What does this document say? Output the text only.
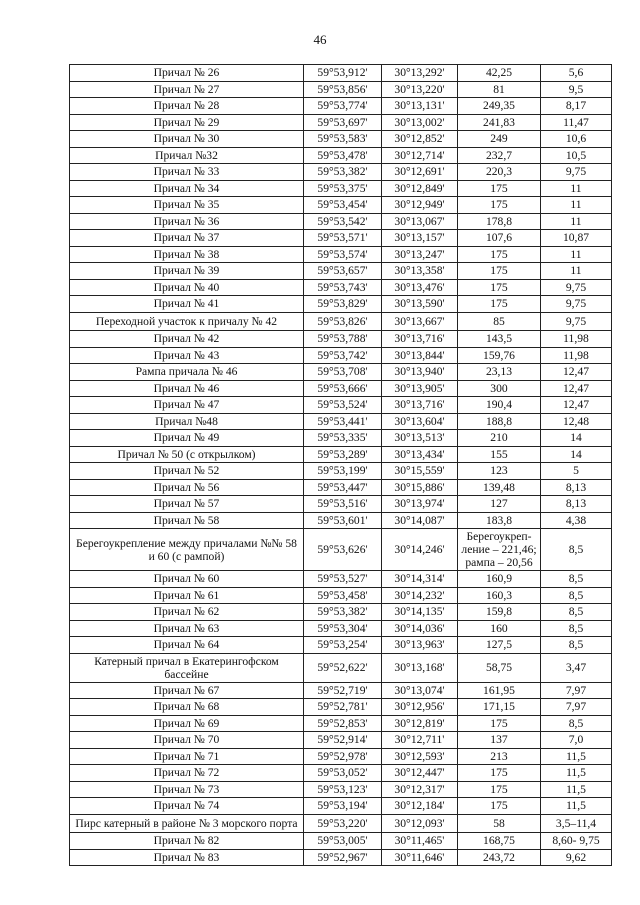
46
Причал № 26	59°53,912'	30°13,292'	42,25	5,6
Причал № 27	59°53,856'	30°13,220'	81	9,5
Причал № 28	59°53,774'	30°13,131'	249,35	8,17
Причал № 29	59°53,697'	30°13,002'	241,83	11,47
Причал № 30	59°53,583'	30°12,852'	249	10,6
Причал №32	59°53,478'	30°12,714'	232,7	10,5
Причал № 33	59°53,382'	30°12,691'	220,3	9,75
Причал № 34	59°53,375'	30°12,849'	175	11
Причал № 35	59°53,454'	30°12,949'	175	11
Причал № 36	59°53,542'	30°13,067'	178,8	11
Причал № 37	59°53,571'	30°13,157'	107,6	10,87
Причал № 38	59°53,574'	30°13,247'	175	11
Причал № 39	59°53,657'	30°13,358'	175	11
Причал № 40	59°53,743'	30°13,476'	175	9,75
Причал № 41	59°53,829'	30°13,590'	175	9,75
Переходной участок к причалу № 42	59°53,826'	30°13,667'	85	9,75
Причал № 42	59°53,788'	30°13,716'	143,5	11,98
Причал № 43	59°53,742'	30°13,844'	159,76	11,98
Рампа причала № 46	59°53,708'	30°13,940'	23,13	12,47
Причал № 46	59°53,666'	30°13,905'	300	12,47
Причал № 47	59°53,524'	30°13,716'	190,4	12,47
Причал №48	59°53,441'	30°13,604'	188,8	12,48
Причал № 49	59°53,335'	30°13,513'	210	14
Причал № 50 (с открылком)	59°53,289'	30°13,434'	155	14
Причал № 52	59°53,199'	30°15,559'	123	5
Причал № 56	59°53,447'	30°15,886'	139,48	8,13
Причал № 57	59°53,516'	30°13,974'	127	8,13
Причал № 58	59°53,601'	30°14,087'	183,8	4,38
Берегоукрепление между причалами №№ 58 и 60 (с рампой)	59°53,626'	30°14,246'	Берегоукреп-ление – 221,46; рампа – 20,56	8,5
Причал № 60	59°53,527'	30°14,314'	160,9	8,5
Причал № 61	59°53,458'	30°14,232'	160,3	8,5
Причал № 62	59°53,382'	30°14,135'	159,8	8,5
Причал № 63	59°53,304'	30°14,036'	160	8,5
Причал № 64	59°53,254'	30°13,963'	127,5	8,5
Катерный причал в Екатерингофском бассейне	59°52,622'	30°13,168'	58,75	3,47
Причал № 67	59°52,719'	30°13,074'	161,95	7,97
Причал № 68	59°52,781'	30°12,956'	171,15	7,97
Причал № 69	59°52,853'	30°12,819'	175	8,5
Причал № 70	59°52,914'	30°12,711'	137	7,0
Причал № 71	59°52,978'	30°12,593'	213	11,5
Причал № 72	59°53,052'	30°12,447'	175	11,5
Причал № 73	59°53,123'	30°12,317'	175	11,5
Причал № 74	59°53,194'	30°12,184'	175	11,5
Пирс катерный в районе № 3 морского порта	59°53,220'	30°12,093'	58	3,5–11,4
Причал № 82	59°53,005'	30°11,465'	168,75	8,60- 9,75
Причал № 83	59°52,967'	30°11,646'	243,72	9,62
